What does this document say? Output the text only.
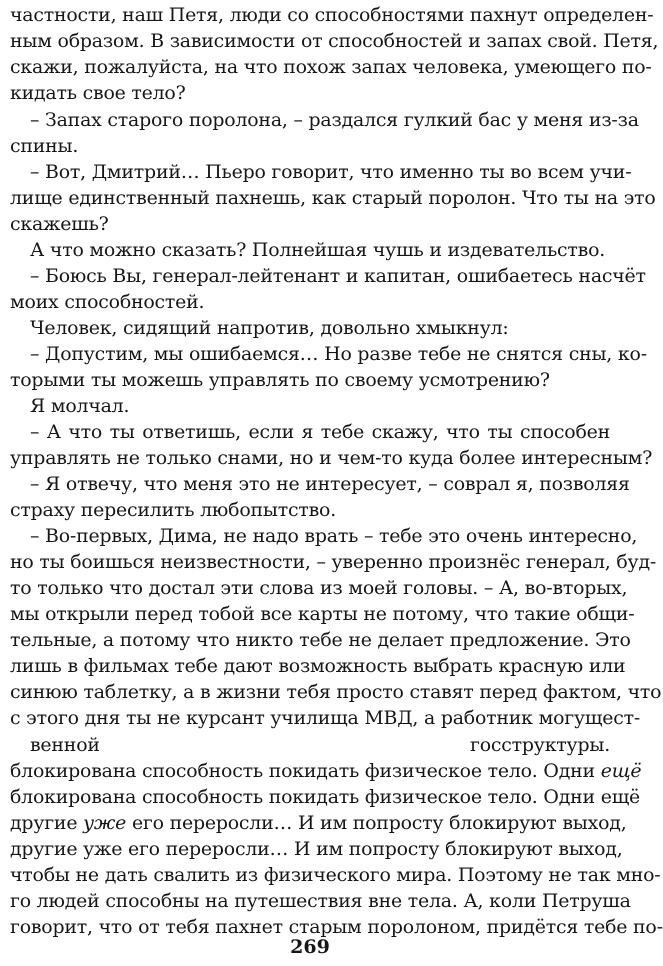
частности, наш Петя, люди со способностями пахнут определен-
ным образом. В зависимости от способностей и запах свой. Петя,
скажи, пожалуйста, на что похож запах человека, умеющего по-
кидать свое тело?
– Запах старого поролона, – раздался гулкий бас у меня из-за
спины.
– Вот, Дмитрий… Пьеро говорит, что именно ты во всем учи-
лище единственный пахнешь, как старый поролон. Что ты на это
скажешь?
А что можно сказать? Полнейшая чушь и издевательство.
– Боюсь Вы, генерал-лейтенант и капитан, ошибаетесь насчёт
моих способностей.
Человек, сидящий напротив, довольно хмыкнул:
– Допустим, мы ошибаемся… Но разве тебе не снятся сны, ко-
торыми ты можешь управлять по своему усмотрению?
Я молчал.
– А что ты ответишь, если я тебе скажу, что ты способен
управлять не только снами, но и чем-то куда более интересным?
– Я отвечу, что меня это не интересует, – соврал я, позволяя
страху пересилить любопытство.
– Во-первых, Дима, не надо врать – тебе это очень интересно,
но ты боишься неизвестности, – уверенно произнёс генерал, буд-
то только что достал эти слова из моей головы. – А, во-вторых,
мы открыли перед тобой все карты не потому, что такие общи-
тельные, а потому что никто тебе не делает предложение. Это
лишь в фильмах тебе дают возможность выбрать красную или
синюю таблетку, а в жизни тебя просто ставят перед фактом, что
с этого дня ты не курсант училища МВД, а работник могущест-
венной госструктуры.
блокирована способность покидать физическое тело. Одни ещё
блокирована способность покидать физическое тело. Одни ещё
другие уже его переросли… И им попросту блокируют выход,
другие уже его переросли… И им попросту блокируют выход,
чтобы не дать свалить из физического мира. Поэтому не так мно-
го людей способны на путешествия вне тела. А, коли Петруша
говорит, что от тебя пахнет старым поролоном, придётся тебе по-
269
